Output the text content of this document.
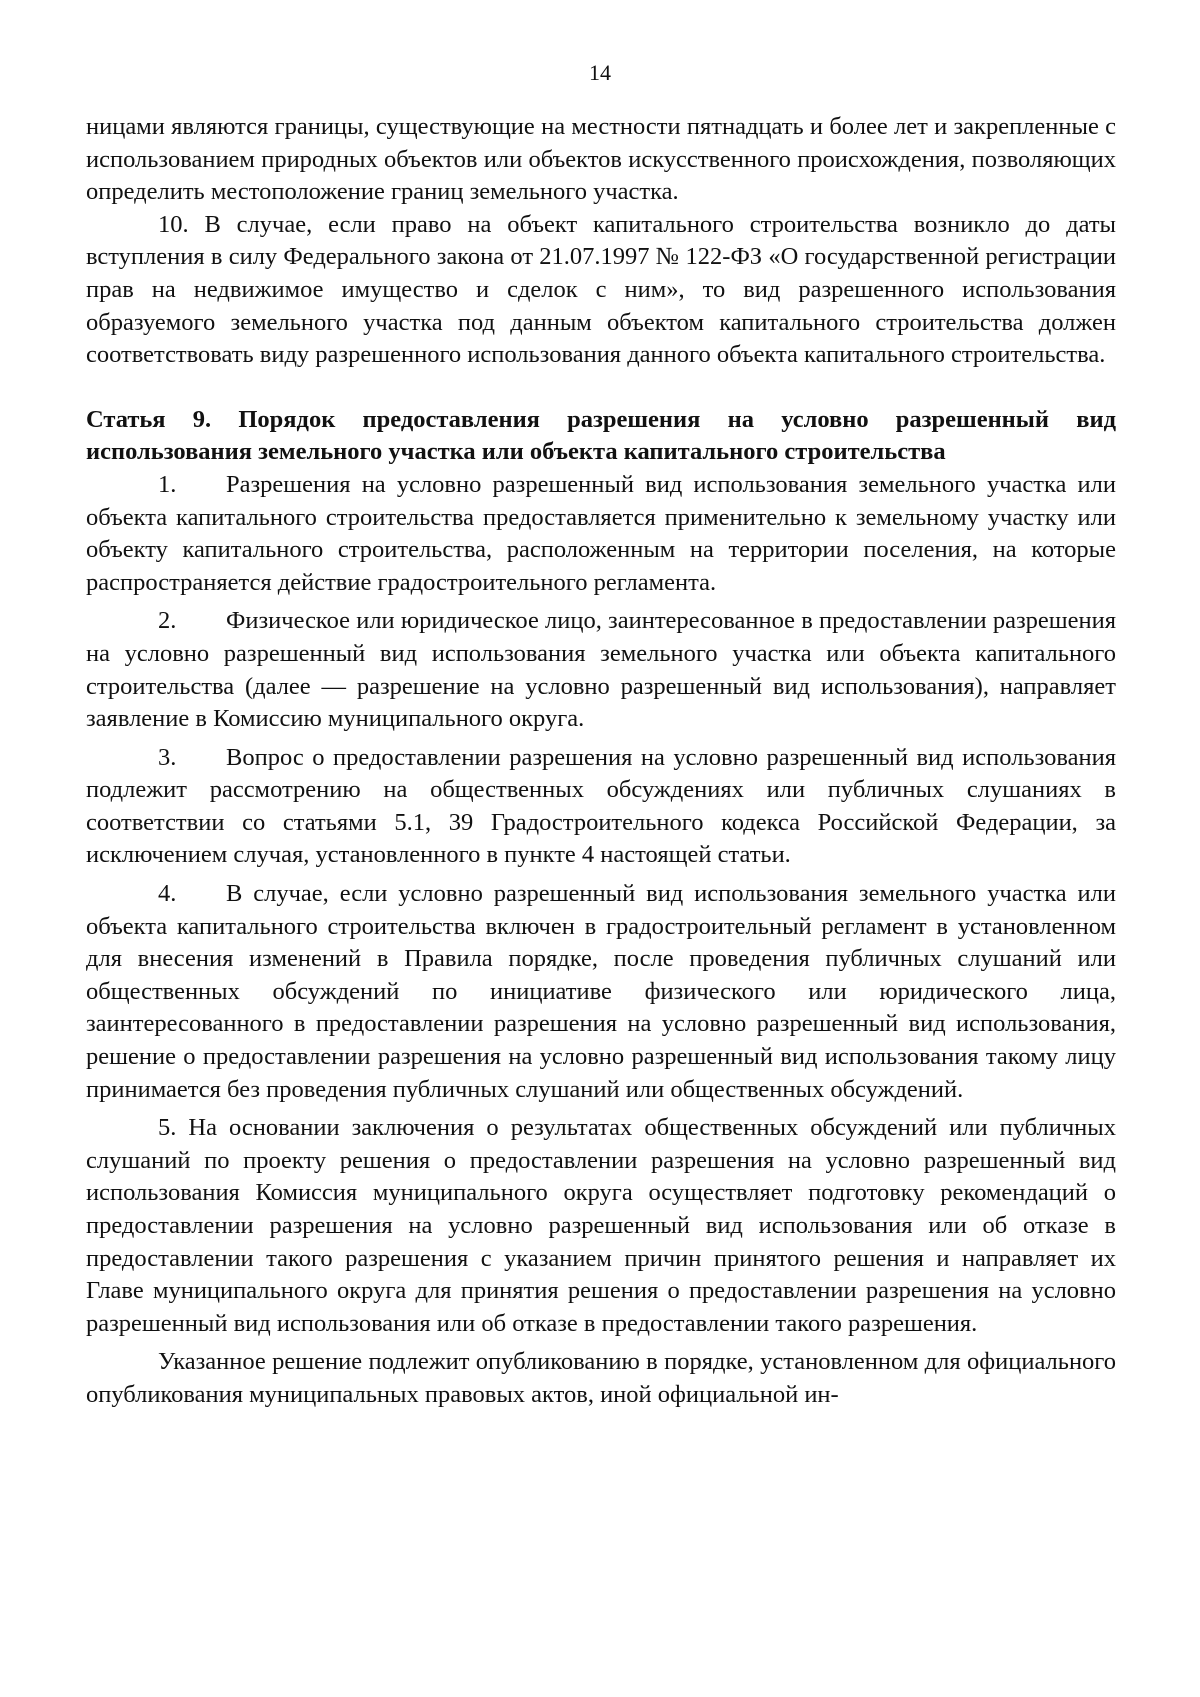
14

ницами являются границы, существующие на местности пятнадцать и более лет и закрепленные с использованием природных объектов или объектов искусственного происхождения, позволяющих определить местоположение границ земельного участка.

10. В случае, если право на объект капитального строительства возникло до даты вступления в силу Федерального закона от 21.07.1997 № 122-ФЗ «О государственной регистрации прав на недвижимое имущество и сделок с ним», то вид разрешенного использования образуемого земельного участка под данным объектом капитального строительства должен соответствовать виду разрешенного использования данного объекта капитального строительства.

Статья 9. Порядок предоставления разрешения на условно разрешенный вид использования земельного участка или объекта капитального строительства

1. Разрешения на условно разрешенный вид использования земельного участка или объекта капитального строительства предоставляется применительно к земельному участку или объекту капитального строительства, расположенным на территории поселения, на которые распространяется действие градостроительного регламента.

2. Физическое или юридическое лицо, заинтересованное в предоставлении разрешения на условно разрешенный вид использования земельного участка или объекта капитального строительства (далее — разрешение на условно разрешенный вид использования), направляет заявление в Комиссию муниципального округа.

3. Вопрос о предоставлении разрешения на условно разрешенный вид использования подлежит рассмотрению на общественных обсуждениях или публичных слушаниях в соответствии со статьями 5.1, 39 Градостроительного кодекса Российской Федерации, за исключением случая, установленного в пункте 4 настоящей статьи.

4. В случае, если условно разрешенный вид использования земельного участка или объекта капитального строительства включен в градостроительный регламент в установленном для внесения изменений в Правила порядке, после проведения публичных слушаний или общественных обсуждений по инициативе физического или юридического лица, заинтересованного в предоставлении разрешения на условно разрешенный вид использования, решение о предоставлении разрешения на условно разрешенный вид использования такому лицу принимается без проведения публичных слушаний или общественных обсуждений.

5. На основании заключения о результатах общественных обсуждений или публичных слушаний по проекту решения о предоставлении разрешения на условно разрешенный вид использования Комиссия муниципального округа осуществляет подготовку рекомендаций о предоставлении разрешения на условно разрешенный вид использования или об отказе в предоставлении такого разрешения с указанием причин принятого решения и направляет их Главе муниципального округа для принятия решения о предоставлении разрешения на условно разрешенный вид использования или об отказе в предоставлении такого разрешения.

Указанное решение подлежит опубликованию в порядке, установленном для официального опубликования муниципальных правовых актов, иной официальной ин-
